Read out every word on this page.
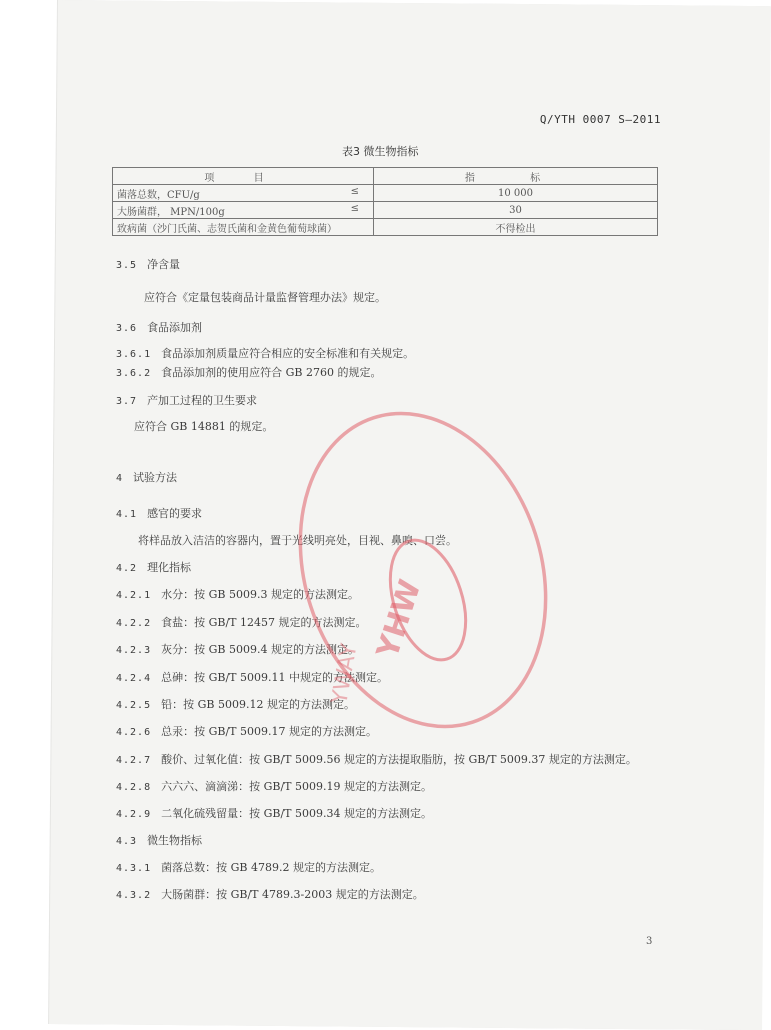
Q/YTH 0007 S—2011
表3 微生物指标
项 目	指 标
菌落总数，CFU/g ≤	10 000
大肠菌群， MPN/100g ≤	30
致病菌（沙门氏菌、志贺氏菌和金黄色葡萄球菌）	不得检出
3.5 净含量
应符合《定量包装商品计量监督管理办法》规定。
3.6 食品添加剂
3.6.1 食品添加剂质量应符合相应的安全标准和有关规定。
3.6.2 食品添加剂的使用应符合 GB 2760 的规定。
3.7 产加工过程的卫生要求
应符合 GB 14881 的规定。
4 试验方法
4.1 感官的要求
将样品放入洁洁的容器内，置于光线明亮处，目视、鼻嗅、口尝。
4.2 理化指标
4.2.1 水分：按 GB 5009.3 规定的方法测定。
4.2.2 食盐：按 GB/T 12457 规定的方法测定。
4.2.3 灰分：按 GB 5009.4 规定的方法测定。
4.2.4 总砷：按 GB/T 5009.11 中规定的方法测定。
4.2.5 铅：按 GB 5009.12 规定的方法测定。
4.2.6 总汞：按 GB/T 5009.17 规定的方法测定。
4.2.7 酸价、过氧化值：按 GB/T 5009.56 规定的方法提取脂肪，按 GB/T 5009.37 规定的方法测定。
4.2.8 六六六、滴滴涕：按 GB/T 5009.19 规定的方法测定。
4.2.9 二氧化硫残留量：按 GB/T 5009.34 规定的方法测定。
4.3 微生物指标
4.3.1 菌落总数：按 GB 4789.2 规定的方法测定。
4.3.2 大肠菌群：按 GB/T 4789.3-2003 规定的方法测定。
3
YHW
YWAY
